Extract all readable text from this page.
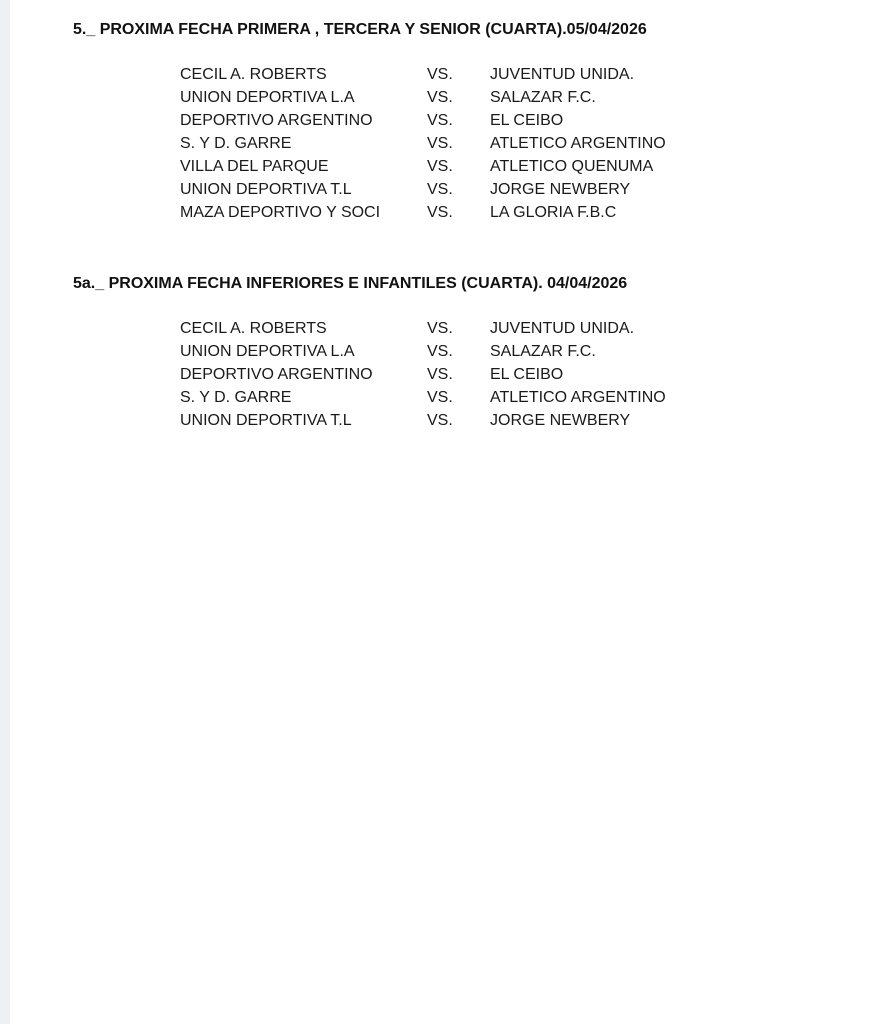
5._ PROXIMA FECHA PRIMERA , TERCERA Y SENIOR (CUARTA).05/04/2026
CECIL A. ROBERTS	VS. JUVENTUD UNIDA.
UNION DEPORTIVA L.A	VS. SALAZAR F.C.
DEPORTIVO ARGENTINO	VS. EL CEIBO
S. Y D. GARRE	VS. ATLETICO ARGENTINO
VILLA DEL PARQUE	VS. ATLETICO QUENUMA
UNION DEPORTIVA T.L	VS. JORGE NEWBERY
MAZA DEPORTIVO Y SOCI	VS. LA GLORIA F.B.C
5a._ PROXIMA FECHA INFERIORES E INFANTILES (CUARTA). 04/04/2026
CECIL A. ROBERTS	VS. JUVENTUD UNIDA.
UNION DEPORTIVA L.A	VS. SALAZAR F.C.
DEPORTIVO ARGENTINO	VS. EL CEIBO
S. Y D. GARRE	VS. ATLETICO ARGENTINO
UNION DEPORTIVA T.L	VS. JORGE NEWBERY
